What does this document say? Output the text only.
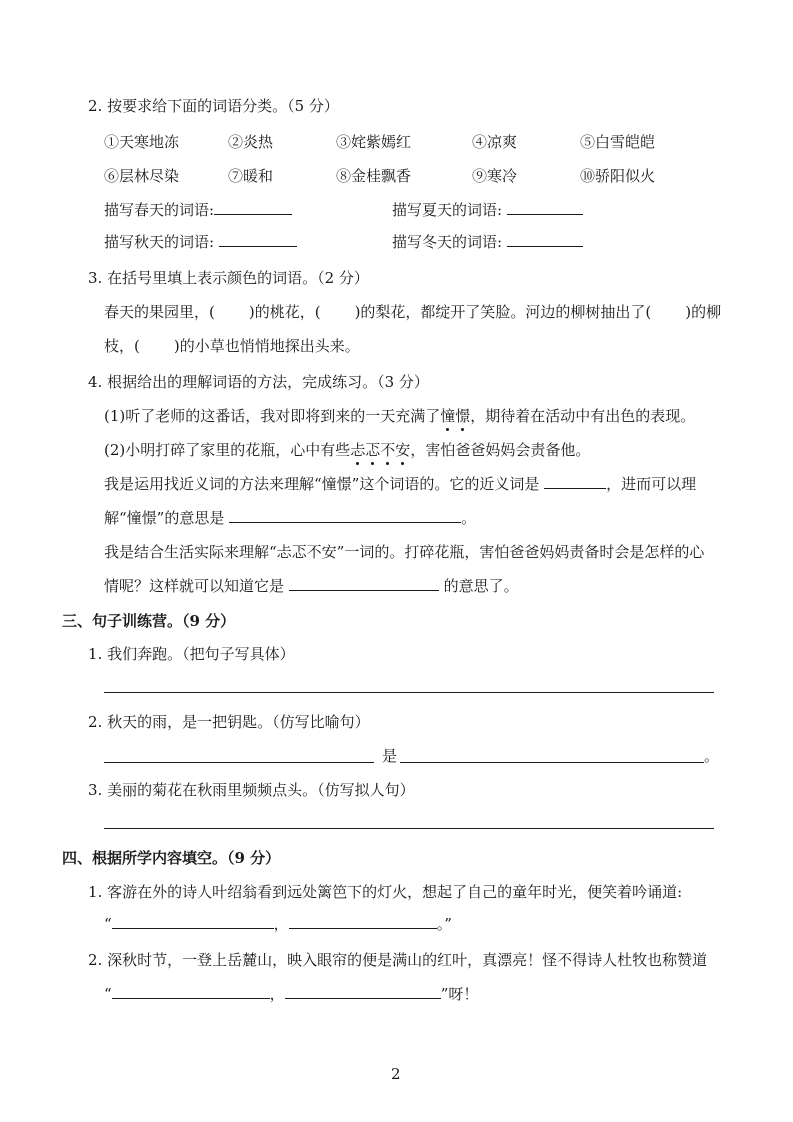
2. 按要求给下面的词语分类。（5 分）
①天寒地冻	②炎热	③姹紫嫣红	④凉爽	⑤白雪皑皑
⑥层林尽染	⑦暖和	⑧金桂飘香	⑨寒冷	⑩骄阳似火
描写春天的词语:	描写夏天的词语:
描写秋天的词语:	描写冬天的词语:
3. 在括号里填上表示颜色的词语。（2 分）
春天的果园里，( )的桃花，( )的梨花，都绽开了笑脸。河边的柳树抽出了( )的柳
枝，( )的小草也悄悄地探出头来。
4. 根据给出的理解词语的方法，完成练习。（3 分）
(1)听了老师的这番话，我对即将到来的一天充满了憧憬，期待着在活动中有出色的表现。
(2)小明打碎了家里的花瓶，心中有些忐忑不安，害怕爸爸妈妈会责备他。
我是运用找近义词的方法来理解“憧憬”这个词语的。它的近义词是	，进而可以理
解“憧憬”的意思是	。
我是结合生活实际来理解“忐忑不安”一词的。打碎花瓶，害怕爸爸妈妈责备时会是怎样的心
情呢？这样就可以知道它是	的意思了。
三、句子训练营。（9 分）
1. 我们奔跑。（把句子写具体）
2. 秋天的雨，是一把钥匙。（仿写比喻句）
是	。
3. 美丽的菊花在秋雨里频频点头。（仿写拟人句）
四、根据所学内容填空。（9 分）
1. 客游在外的诗人叶绍翁看到远处篱笆下的灯火，想起了自己的童年时光，便笑着吟诵道:
“	，	。”
2. 深秋时节，一登上岳麓山，映入眼帘的便是满山的红叶，真漂亮！怪不得诗人杜牧也称赞道
“	，	”呀！
2
